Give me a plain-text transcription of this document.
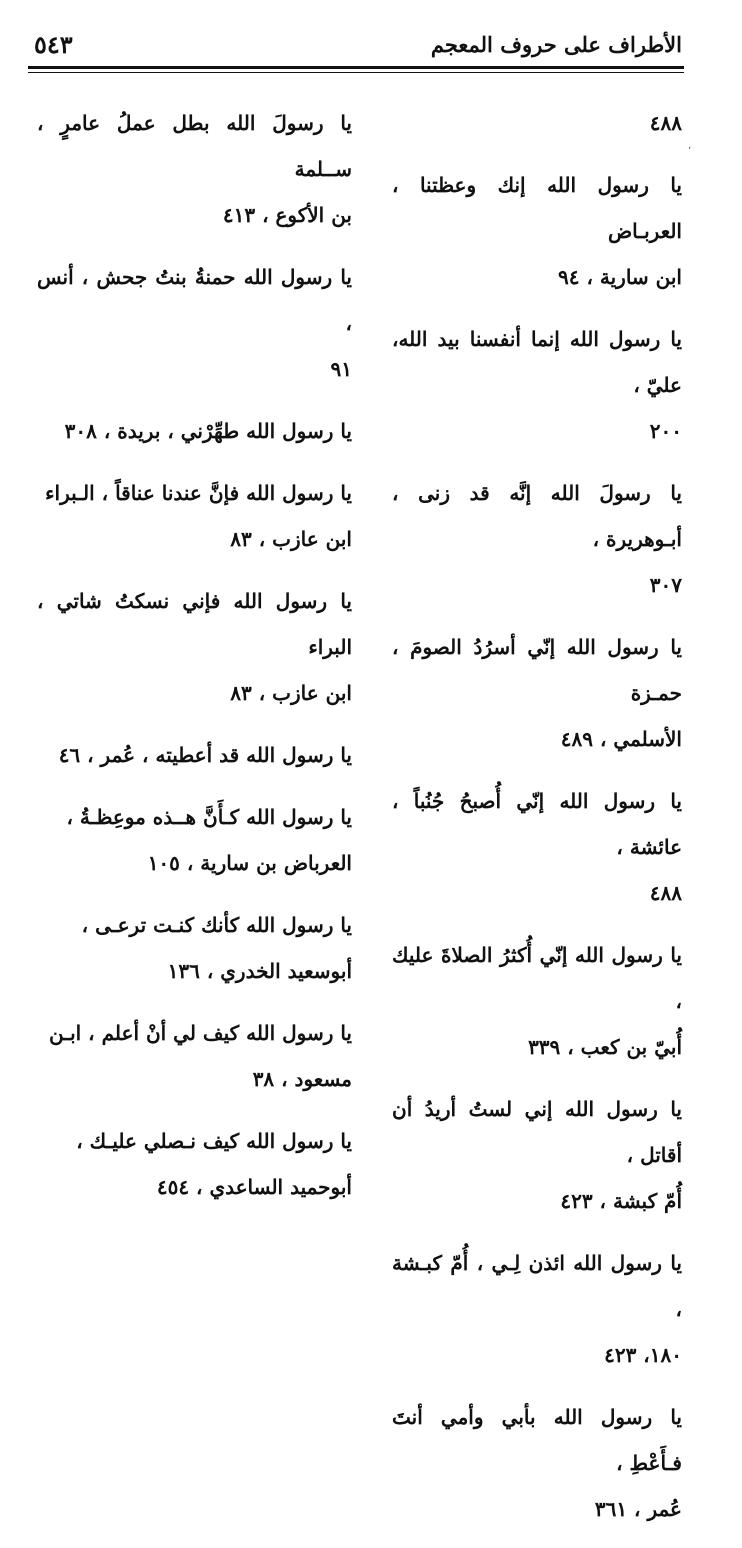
الأطراف على حروف المعجم
٥٤٣
٬
٤٨٨
يا رسول الله إنك وعظتنا ، العربـاض
ابن سارية ، ٩٤
يا رسول الله إنما أنفسنا بيد الله، عليّ ،
٢٠٠
يا رسولَ الله إنَّه قد زنى ، أبـوهريرة ،
٣٠٧
يا رسول الله إنّي أسرُدُ الصومَ ، حمـزة
الأسلمي ، ٤٨٩
يا رسول الله إنّي أُصبحُ جُنُباً ، عائشة ،
٤٨٨
يا رسول الله إنّي أُكثرُ الصلاةَ عليك ،
أُبيّ بن كعب ، ٣٣٩
يا رسول الله إني لستُ أريدُ أن أقاتل ،
أُمّ كبشة ، ٤٢٣
يا رسول الله ائذن لِـي ، أُمّ كبـشة ،
١٨٠، ٤٢٣
يا رسول الله بأبي وأمي أنتَ فـأَعْطِ ،
عُمر ، ٣٦١
يا رسولَ الله بطل عملُ عامرٍ ، ســلمة
بن الأكوع ، ٤١٣
يا رسول الله حمنةُ بنتُ جحش ، أنس ،
٩١
يا رسول الله طهِّرْني ، بريدة ، ٣٠٨
يا رسول الله فإنَّ عندنا عناقاً ، الـبراء
ابن عازب ، ٨٣
يا رسول الله فإني نسكتُ شاتي ، البراء
ابن عازب ، ٨٣
يا رسول الله قد أعطيته ، عُمر ، ٤٦
يا رسول الله كـأَنَّ هــذه موعِظـةُ ،
العرباض بن سارية ، ١٠٥
يا رسول الله كأنك كنـت ترعـى ،
أبوسعيد الخدري ، ١٣٦
يا رسول الله كيف لي أنْ أعلم ، ابـن
مسعود ، ٣٨
يا رسول الله كيف نـصلي عليـك ،
أبوحميد الساعدي ، ٤٥٤
